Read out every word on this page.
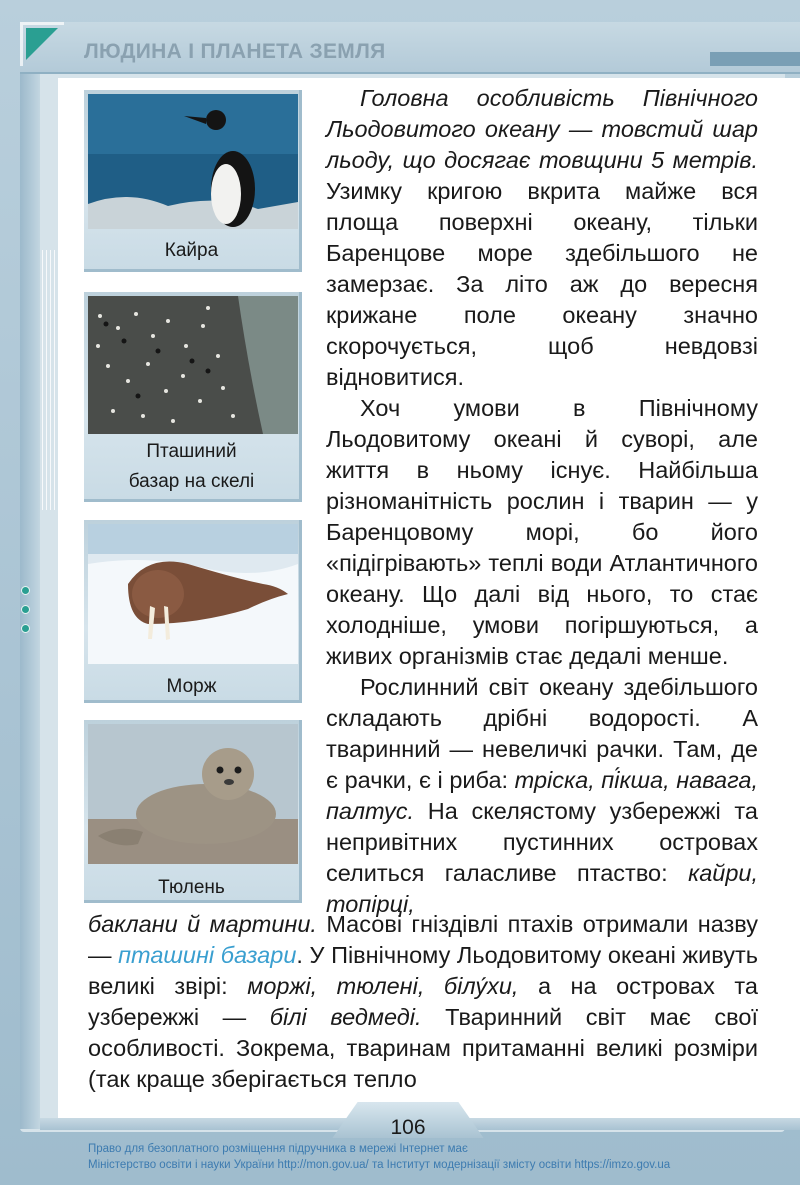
ЛЮДИНА І ПЛАНЕТА ЗЕМЛЯ
Кайра
Пташиний
базар на скелі
Морж
Тюлень

Головна особливість Північного Льодовитого океану — товстий шар льоду, що досягає товщини 5 метрів. Узимку кригою вкрита майже вся площа поверхні океану, тільки Баренцове море здебільшого не замерзає. За літо аж до вересня крижане поле океану значно скорочується, щоб невдовзі відновитися.

Хоч умови в Північному Льодовитому океані й суворі, але життя в ньому існує. Найбільша різноманітність рослин і тварин — у Баренцовому морі, бо його «підігрівають» теплі води Атлантичного океану. Що далі від нього, то стає холодніше, умови погіршуються, а живих організмів стає дедалі менше.

Рослинний світ океану здебільшого складають дрібні водорості. А тваринний — невеличкі рачки. Там, де є рачки, є і риба: тріска, пі́кша, навага, палтус. На скелястому узбережжі та непривітних пустинних островах селиться галасливе птаство: кайри, топірці,

баклани й мартини. Масові гніздівлі птахів отримали назву — пташині базари. У Північному Льодовитому океані живуть великі звірі: моржі, тюлені, білу́хи, а на островах та узбережжі — білі ведмеді. Тваринний світ має свої особливості. Зокрема, тваринам притаманні великі розміри (так краще зберігається тепло
106
Право для безоплатного розміщення підручника в мережі Інтернет має
Міністерство освіти і науки України http://mon.gov.ua/ та Інститут модернізації змісту освіти https://imzo.gov.ua
